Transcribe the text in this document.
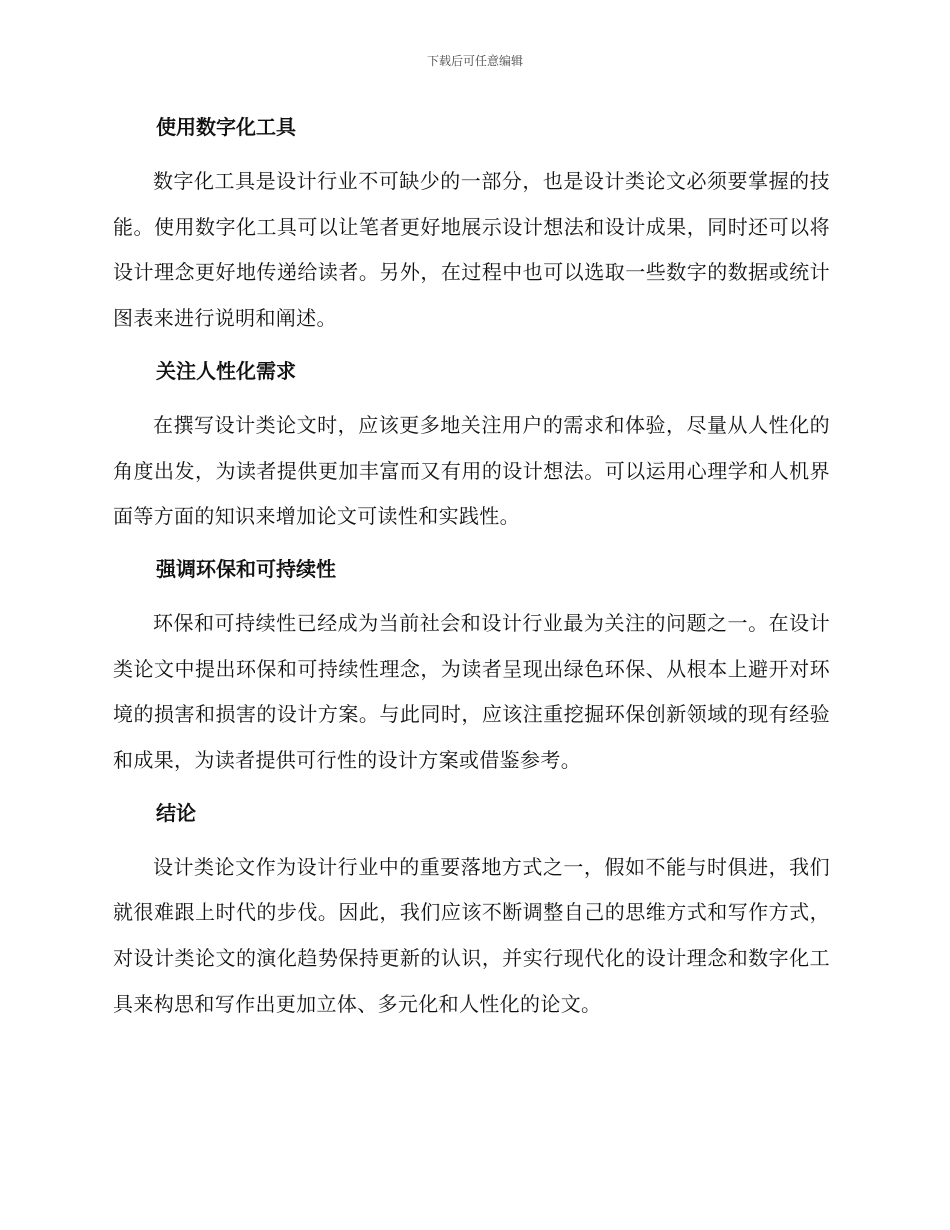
下载后可任意编辑
使用数字化工具

数字化工具是设计行业不可缺少的一部分，也是设计类论文必须要掌握的技能。使用数字化工具可以让笔者更好地展示设计想法和设计成果，同时还可以将设计理念更好地传递给读者。另外，在过程中也可以选取一些数字的数据或统计图表来进行说明和阐述。

关注人性化需求

在撰写设计类论文时，应该更多地关注用户的需求和体验，尽量从人性化的角度出发，为读者提供更加丰富而又有用的设计想法。可以运用心理学和人机界面等方面的知识来增加论文可读性和实践性。

强调环保和可持续性

环保和可持续性已经成为当前社会和设计行业最为关注的问题之一。在设计类论文中提出环保和可持续性理念，为读者呈现出绿色环保、从根本上避开对环境的损害和损害的设计方案。与此同时，应该注重挖掘环保创新领域的现有经验和成果，为读者提供可行性的设计方案或借鉴参考。

结论

设计类论文作为设计行业中的重要落地方式之一，假如不能与时俱进，我们就很难跟上时代的步伐。因此，我们应该不断调整自己的思维方式和写作方式，对设计类论文的演化趋势保持更新的认识，并实行现代化的设计理念和数字化工具来构思和写作出更加立体、多元化和人性化的论文。
